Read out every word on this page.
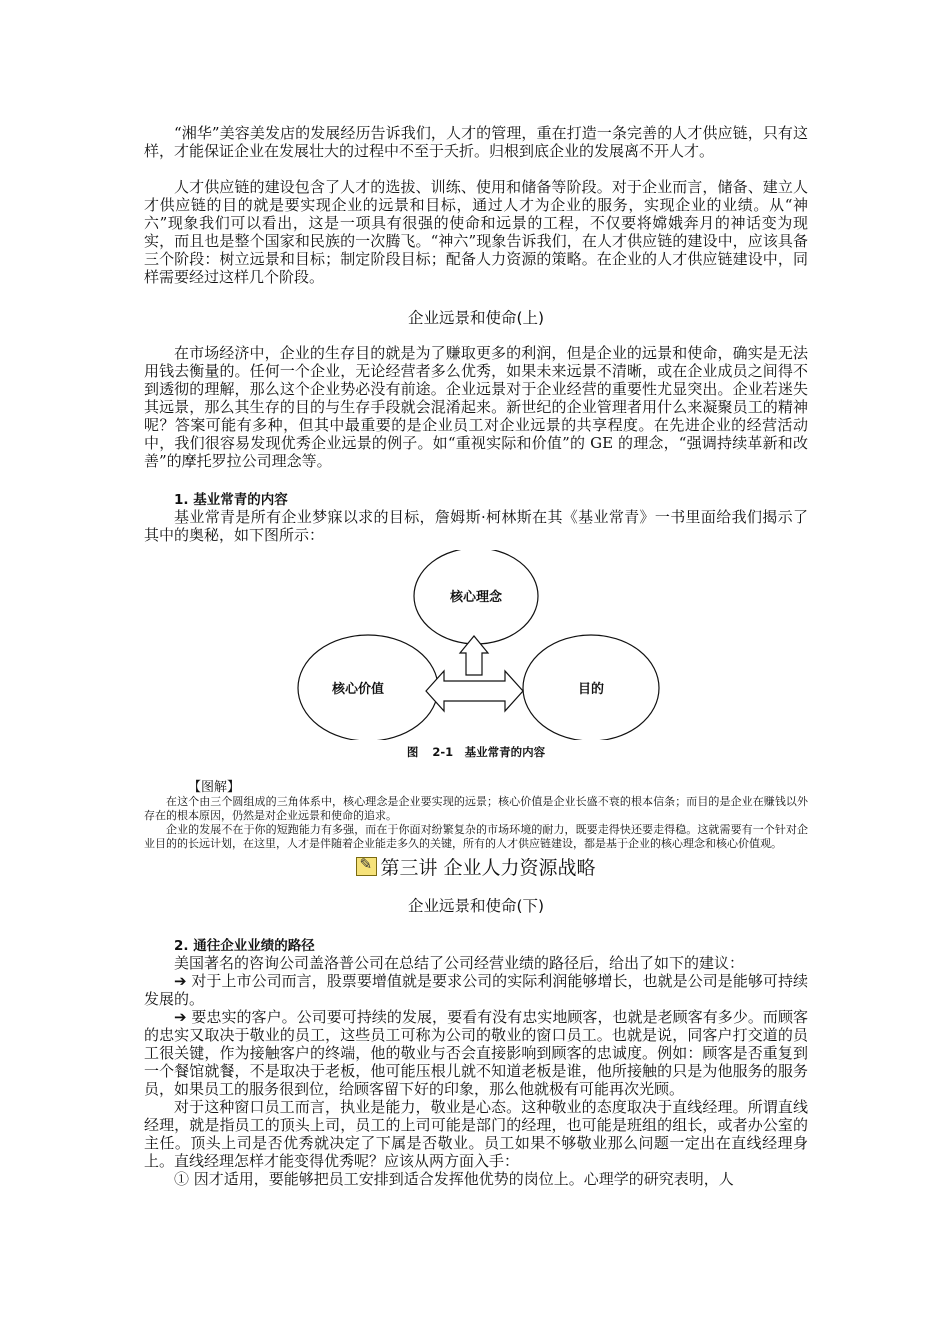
“湘华”美容美发店的发展经历告诉我们，人才的管理，重在打造一条完善的人才供应链，只有这样，才能保证企业在发展壮大的过程中不至于夭折。归根到底企业的发展离不开人才。

人才供应链的建设包含了人才的选拔、训练、使用和储备等阶段。对于企业而言，储备、建立人才供应链的目的就是要实现企业的远景和目标，通过人才为企业的服务，实现企业的业绩。从“神六”现象我们可以看出，这是一项具有很强的使命和远景的工程，不仅要将嫦娥奔月的神话变为现实，而且也是整个国家和民族的一次腾飞。“神六”现象告诉我们，在人才供应链的建设中，应该具备三个阶段：树立远景和目标；制定阶段目标；配备人力资源的策略。在企业的人才供应链建设中，同样需要经过这样几个阶段。

企业远景和使命(上)

在市场经济中，企业的生存目的就是为了赚取更多的利润，但是企业的远景和使命，确实是无法用钱去衡量的。任何一个企业，无论经营者多么优秀，如果未来远景不清晰，或在企业成员之间得不到透彻的理解，那么这个企业势必没有前途。企业远景对于企业经营的重要性尤显突出。企业若迷失其远景，那么其生存的目的与生存手段就会混淆起来。新世纪的企业管理者用什么来凝聚员工的精神呢？答案可能有多种，但其中最重要的是企业员工对企业远景的共享程度。在先进企业的经营活动中，我们很容易发现优秀企业远景的例子。如“重视实际和价值”的 GE 的理念，“强调持续革新和改善”的摩托罗拉公司理念等。

1. 基业常青的内容

基业常青是所有企业梦寐以求的目标，詹姆斯·柯林斯在其《基业常青》一书里面给我们揭示了其中的奥秘，如下图所示：

核心理念
核心价值	目的

图 2-1　基业常青的内容

【图解】

在这个由三个圆组成的三角体系中，核心理念是企业要实现的远景；核心价值是企业长盛不衰的根本信条；而目的是企业在赚钱以外存在的根本原因，仍然是对企业远景和使命的追求。

企业的发展不在于你的短跑能力有多强，而在于你面对纷繁复杂的市场环境的耐力，既要走得快还要走得稳。这就需要有一个针对企业目的的长远计划，在这里，人才是伴随着企业能走多久的关键，所有的人才供应链建设，都是基于企业的核心理念和核心价值观。

✎第三讲 企业人力资源战略

企业远景和使命(下)

2. 通往企业业绩的路径

美国著名的咨询公司盖洛普公司在总结了公司经营业绩的路径后，给出了如下的建议：

➔ 对于上市公司而言，股票要增值就是要求公司的实际利润能够增长，也就是公司是能够可持续发展的。

➔ 要忠实的客户。公司要可持续的发展，要看有没有忠实地顾客，也就是老顾客有多少。而顾客的忠实又取决于敬业的员工，这些员工可称为公司的敬业的窗口员工。也就是说，同客户打交道的员工很关键，作为接触客户的终端，他的敬业与否会直接影响到顾客的忠诚度。例如：顾客是否重复到一个餐馆就餐，不是取决于老板，他可能压根儿就不知道老板是谁，他所接触的只是为他服务的服务员，如果员工的服务很到位，给顾客留下好的印象，那么他就极有可能再次光顾。

对于这种窗口员工而言，执业是能力，敬业是心态。这种敬业的态度取决于直线经理。所谓直线经理，就是指员工的顶头上司，员工的上司可能是部门的经理，也可能是班组的组长，或者办公室的主任。顶头上司是否优秀就决定了下属是否敬业。员工如果不够敬业那么问题一定出在直线经理身上。直线经理怎样才能变得优秀呢？应该从两方面入手：

① 因才适用，要能够把员工安排到适合发挥他优势的岗位上。心理学的研究表明，人
